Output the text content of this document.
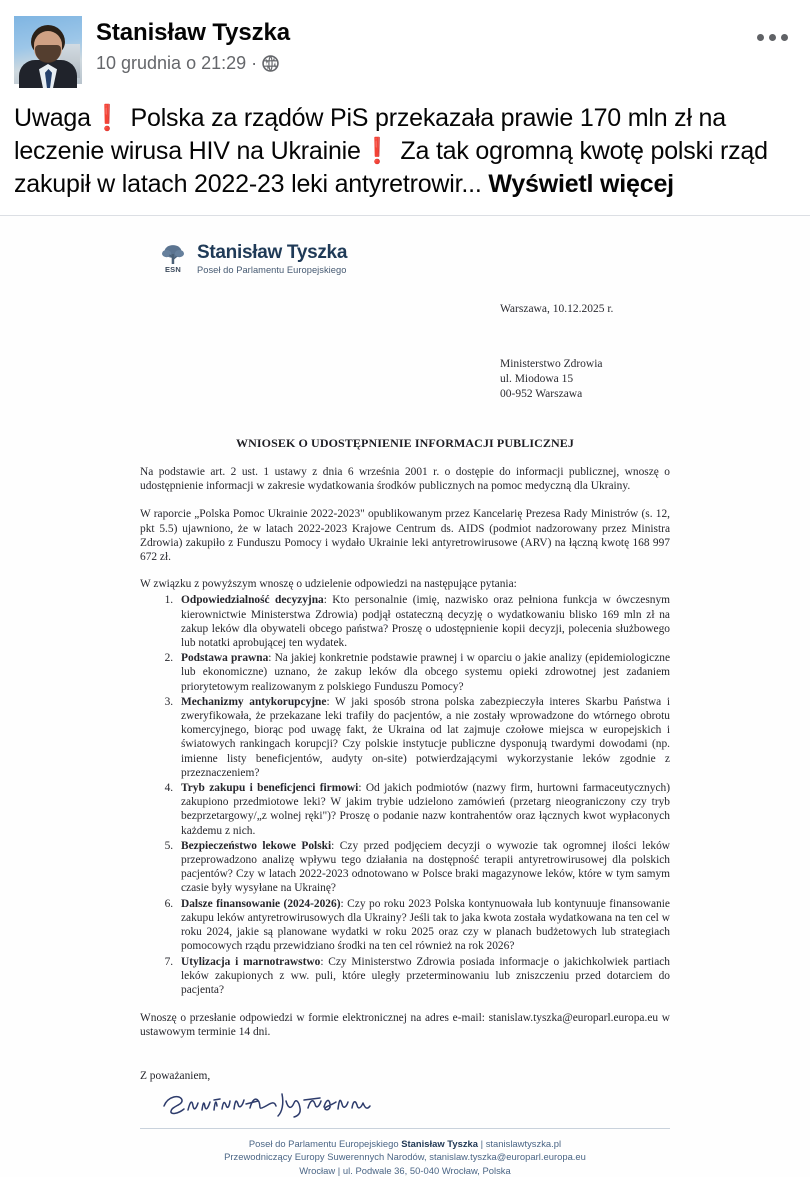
Stanisław Tyszka
10 grudnia o 21:29 ·
Uwaga❗ Polska za rządów PiS przekazała prawie 170 mln zł na leczenie wirusa HIV na Ukrainie❗ Za tak ogromną kwotę polski rząd zakupił w latach 2022-23 leki antyretrowir... Wyświetl więcej
ESN
Stanisław Tyszka
Poseł do Parlamentu Europejskiego
Warszawa, 10.12.2025 r.
Ministerstwo Zdrowia
ul. Miodowa 15
00-952 Warszawa
WNIOSEK O UDOSTĘPNIENIE INFORMACJI PUBLICZNEJ
Na podstawie art. 2 ust. 1 ustawy z dnia 6 września 2001 r. o dostępie do informacji publicznej, wnoszę o udostępnienie informacji w zakresie wydatkowania środków publicznych na pomoc medyczną dla Ukrainy.
W raporcie „Polska Pomoc Ukrainie 2022-2023" opublikowanym przez Kancelarię Prezesa Rady Ministrów (s. 12, pkt 5.5) ujawniono, że w latach 2022-2023 Krajowe Centrum ds. AIDS (podmiot nadzorowany przez Ministra Zdrowia) zakupiło z Funduszu Pomocy i wydało Ukrainie leki antyretrowirusowe (ARV) na łączną kwotę 168 997 672 zł.
W związku z powyższym wnoszę o udzielenie odpowiedzi na następujące pytania:
1. Odpowiedzialność decyzyjna: Kto personalnie (imię, nazwisko oraz pełniona funkcja w ówczesnym kierownictwie Ministerstwa Zdrowia) podjął ostateczną decyzję o wydatkowaniu blisko 169 mln zł na zakup leków dla obywateli obcego państwa? Proszę o udostępnienie kopii decyzji, polecenia służbowego lub notatki aprobującej ten wydatek.
2. Podstawa prawna: Na jakiej konkretnie podstawie prawnej i w oparciu o jakie analizy (epidemiologiczne lub ekonomiczne) uznano, że zakup leków dla obcego systemu opieki zdrowotnej jest zadaniem priorytetowym realizowanym z polskiego Funduszu Pomocy?
3. Mechanizmy antykorupcyjne: W jaki sposób strona polska zabezpieczyła interes Skarbu Państwa i zweryfikowała, że przekazane leki trafiły do pacjentów, a nie zostały wprowadzone do wtórnego obrotu komercyjnego, biorąc pod uwagę fakt, że Ukraina od lat zajmuje czołowe miejsca w europejskich i światowych rankingach korupcji? Czy polskie instytucje publiczne dysponują twardymi dowodami (np. imienne listy beneficjentów, audyty on-site) potwierdzającymi wykorzystanie leków zgodnie z przeznaczeniem?
4. Tryb zakupu i beneficjenci firmowi: Od jakich podmiotów (nazwy firm, hurtowni farmaceutycznych) zakupiono przedmiotowe leki? W jakim trybie udzielono zamówień (przetarg nieograniczony czy tryb bezprzetargowy/„z wolnej ręki")? Proszę o podanie nazw kontrahentów oraz łącznych kwot wypłaconych każdemu z nich.
5. Bezpieczeństwo lekowe Polski: Czy przed podjęciem decyzji o wywozie tak ogromnej ilości leków przeprowadzono analizę wpływu tego działania na dostępność terapii antyretrowirusowej dla polskich pacjentów? Czy w latach 2022-2023 odnotowano w Polsce braki magazynowe leków, które w tym samym czasie były wysyłane na Ukrainę?
6. Dalsze finansowanie (2024-2026): Czy po roku 2023 Polska kontynuowała lub kontynuuje finansowanie zakupu leków antyretrowirusowych dla Ukrainy? Jeśli tak to jaka kwota została wydatkowana na ten cel w roku 2024, jakie są planowane wydatki w roku 2025 oraz czy w planach budżetowych lub strategiach pomocowych rządu przewidziano środki na ten cel również na rok 2026?
7. Utylizacja i marnotrawstwo: Czy Ministerstwo Zdrowia posiada informacje o jakichkolwiek partiach leków zakupionych z ww. puli, które uległy przeterminowaniu lub zniszczeniu przed dotarciem do pacjenta?
Wnoszę o przesłanie odpowiedzi w formie elektronicznej na adres e-mail: stanislaw.tyszka@europarl.europa.eu w ustawowym terminie 14 dni.
Z poważaniem,
Poseł do Parlamentu Europejskiego Stanisław Tyszka | stanislawtyszka.pl
Przewodniczący Europy Suwerennych Narodów, stanislaw.tyszka@europarl.europa.eu
Wrocław | ul. Podwale 36, 50-040 Wrocław, Polska
